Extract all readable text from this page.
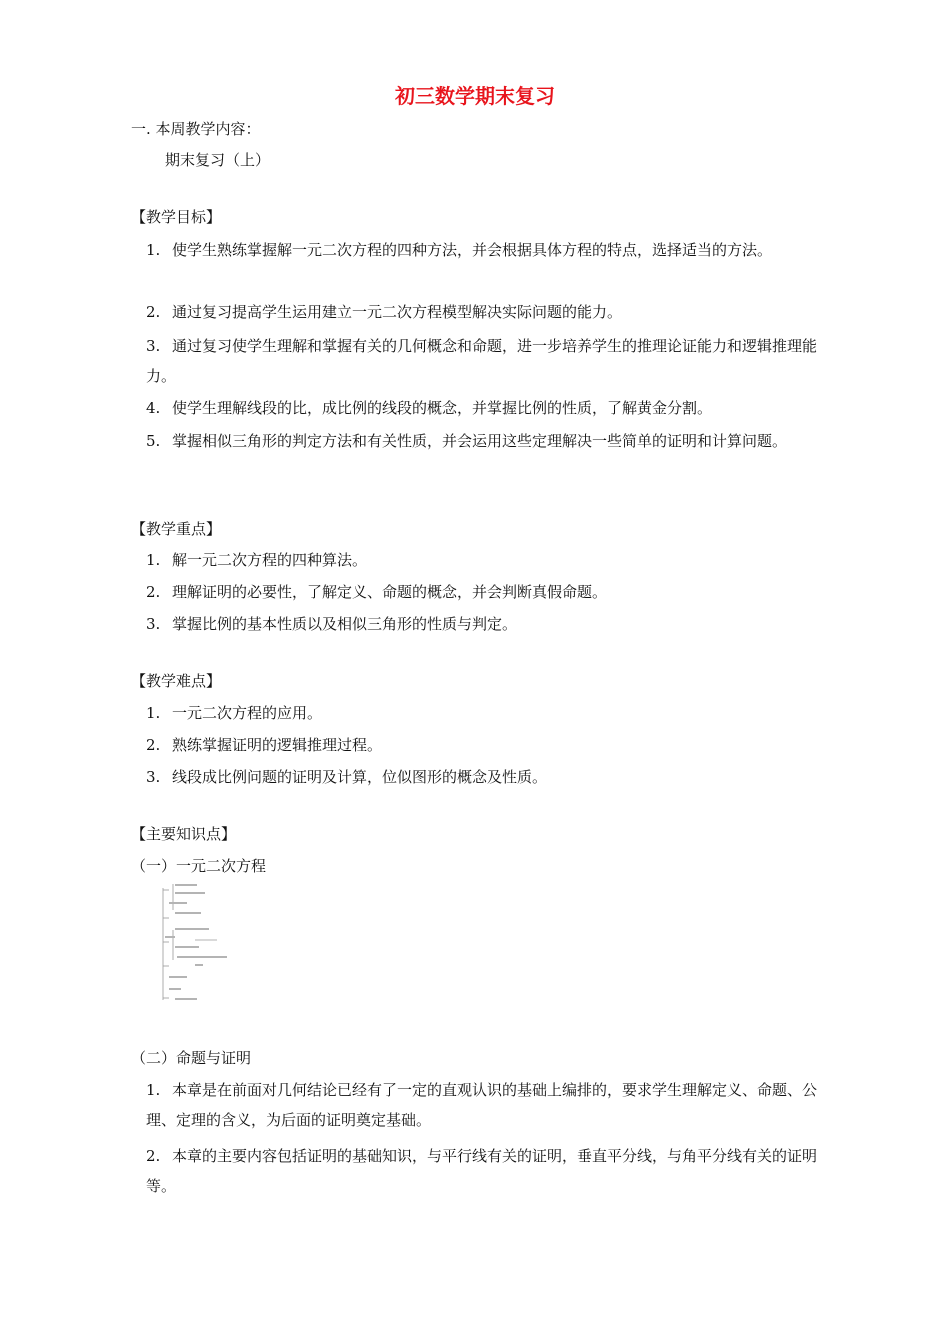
初三数学期末复习
一. 本周教学内容：
期末复习（上）
【教学目标】
1. 使学生熟练掌握解一元二次方程的四种方法，并会根据具体方程的特点，选择适当的方法。
2. 通过复习提高学生运用建立一元二次方程模型解决实际问题的能力。
3. 通过复习使学生理解和掌握有关的几何概念和命题，进一步培养学生的推理论证能力和逻辑推理能力。
4. 使学生理解线段的比，成比例的线段的概念，并掌握比例的性质，了解黄金分割。
5. 掌握相似三角形的判定方法和有关性质，并会运用这些定理解决一些简单的证明和计算问题。
【教学重点】
1. 解一元二次方程的四种算法。
2. 理解证明的必要性，了解定义、命题的概念，并会判断真假命题。
3. 掌握比例的基本性质以及相似三角形的性质与判定。
【教学难点】
1. 一元二次方程的应用。
2. 熟练掌握证明的逻辑推理过程。
3. 线段成比例问题的证明及计算，位似图形的概念及性质。
【主要知识点】
（一）一元二次方程
（二）命题与证明
1. 本章是在前面对几何结论已经有了一定的直观认识的基础上编排的，要求学生理解定义、命题、公理、定理的含义，为后面的证明奠定基础。
2. 本章的主要内容包括证明的基础知识，与平行线有关的证明，垂直平分线，与角平分线有关的证明等。
